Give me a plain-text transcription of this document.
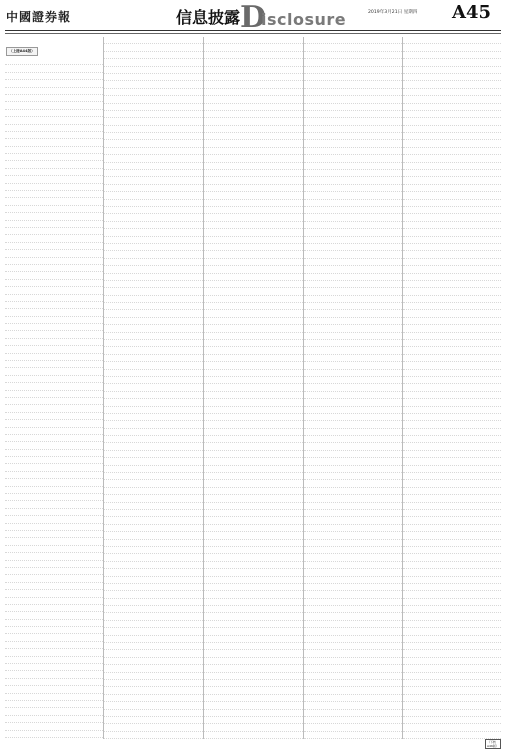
中國證券報	信息披露 D
isclosure	2019年3月21日 星期四 A45
（上接A44版）
（下转A46版）
